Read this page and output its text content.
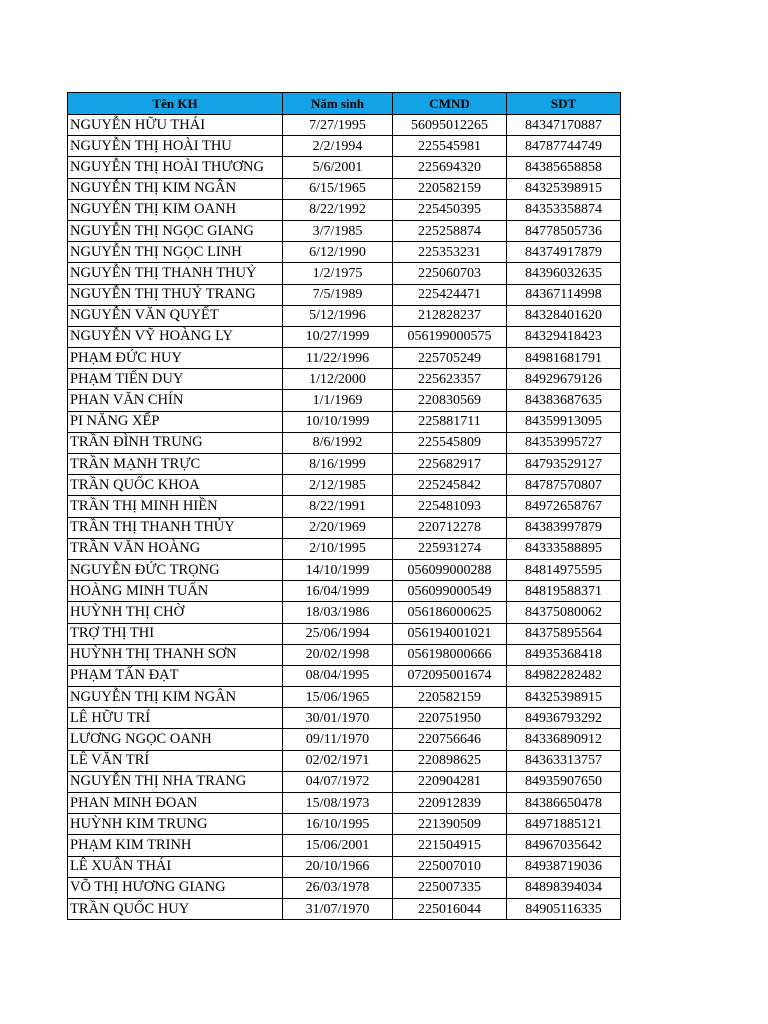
Tên KH	Năm sinh	CMND	SDT
NGUYỄN HỮU THÁI	7/27/1995	56095012265	84347170887
NGUYỄN THỊ HOÀI THU	2/2/1994	225545981	84787744749
NGUYỄN THỊ HOÀI THƯƠNG	5/6/2001	225694320	84385658858
NGUYỄN THỊ KIM NGÂN	6/15/1965	220582159	84325398915
NGUYỄN THỊ KIM OANH	8/22/1992	225450395	84353358874
NGUYỄN THỊ NGỌC GIANG	3/7/1985	225258874	84778505736
NGUYỄN THỊ NGỌC LINH	6/12/1990	225353231	84374917879
NGUYỄN THỊ THANH THUỶ	1/2/1975	225060703	84396032635
NGUYỄN THỊ THUỶ TRANG	7/5/1989	225424471	84367114998
NGUYỄN VĂN QUYẾT	5/12/1996	212828237	84328401620
NGUYỄN VỸ HOÀNG LY	10/27/1999	056199000575	84329418423
PHẠM ĐỨC HUY	11/22/1996	225705249	84981681791
PHẠM TIẾN DUY	1/12/2000	225623357	84929679126
PHAN VĂN CHÍN	1/1/1969	220830569	84383687635
PI NĂNG XẾP	10/10/1999	225881711	84359913095
TRẦN ĐÌNH TRUNG	8/6/1992	225545809	84353995727
TRẦN MẠNH TRỰC	8/16/1999	225682917	84793529127
TRẦN QUỐC KHOA	2/12/1985	225245842	84787570807
TRẦN THỊ MINH HIỀN	8/22/1991	225481093	84972658767
TRẦN THỊ THANH THỦY	2/20/1969	220712278	84383997879
TRẦN VĂN HOÀNG	2/10/1995	225931274	84333588895
NGUYỄN ĐỨC TRỌNG	14/10/1999	056099000288	84814975595
HOÀNG MINH TUẤN	16/04/1999	056099000549	84819588371
HUỲNH THỊ CHỜ	18/03/1986	056186000625	84375080062
TRỢ THỊ THI	25/06/1994	056194001021	84375895564
HUỲNH THỊ THANH SƠN	20/02/1998	056198000666	84935368418
PHẠM TẤN ĐẠT	08/04/1995	072095001674	84982282482
NGUYỄN THỊ KIM NGÂN	15/06/1965	220582159	84325398915
LÊ HỮU TRÍ	30/01/1970	220751950	84936793292
LƯƠNG NGỌC OANH	09/11/1970	220756646	84336890912
LÊ VĂN TRÍ	02/02/1971	220898625	84363313757
NGUYỄN THỊ NHA TRANG	04/07/1972	220904281	84935907650
PHAN MINH ĐOAN	15/08/1973	220912839	84386650478
HUỲNH KIM TRUNG	16/10/1995	221390509	84971885121
PHẠM KIM TRINH	15/06/2001	221504915	84967035642
LÊ XUÂN THÁI	20/10/1966	225007010	84938719036
VÕ THỊ HƯƠNG GIANG	26/03/1978	225007335	84898394034
TRẦN QUỐC HUY	31/07/1970	225016044	84905116335
